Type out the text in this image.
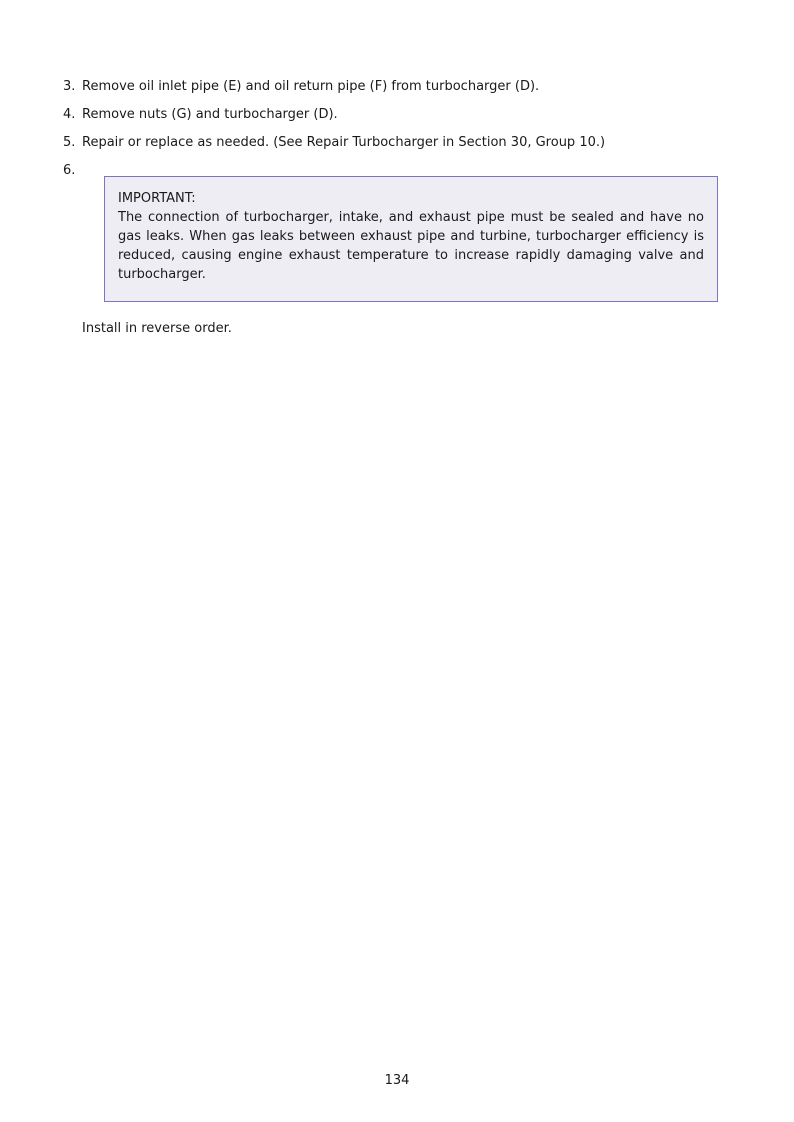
3. Remove oil inlet pipe (E) and oil return pipe (F) from turbocharger (D).
4. Remove nuts (G) and turbocharger (D).
5. Repair or replace as needed. (See Repair Turbocharger in Section 30, Group 10.)
6.
IMPORTANT:
The connection of turbocharger, intake, and exhaust pipe must be sealed and have no gas leaks. When gas leaks between exhaust pipe and turbine, turbocharger efficiency is reduced, causing engine exhaust temperature to increase rapidly damaging valve and turbocharger.
Install in reverse order.
134
